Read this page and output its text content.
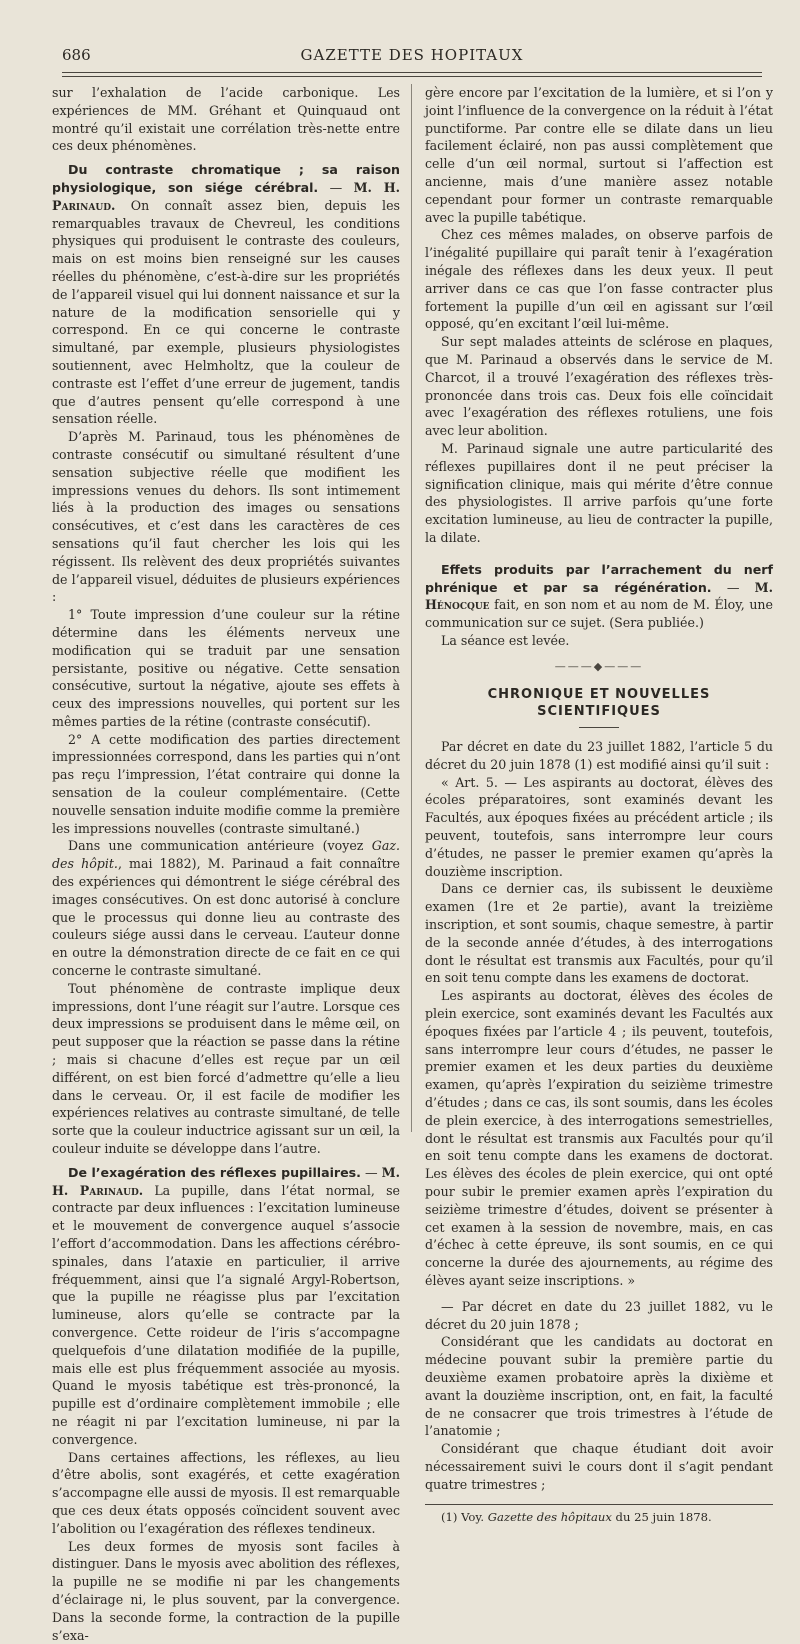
686	GAZETTE DES HOPITAUX

sur l’exhalation de l’acide carbonique. Les expériences de MM. Gréhant et Quinquaud ont montré qu’il existait une corrélation très-nette entre ces deux phénomènes.

Du contraste chromatique ; sa raison physiologique, son siége cérébral. — M. H. Parinaud. On connaît assez bien, depuis les remarquables travaux de Chevreul, les conditions physiques qui produisent le contraste des couleurs, mais on est moins bien renseigné sur les causes réelles du phénomène, c’est-à-dire sur les propriétés de l’appareil visuel qui lui donnent naissance et sur la nature de la modification sensorielle qui y correspond. En ce qui concerne le contraste simultané, par exemple, plusieurs physiologistes soutiennent, avec Helmholtz, que la couleur de contraste est l’effet d’une erreur de jugement, tandis que d’autres pensent qu’elle correspond à une sensation réelle.

D’après M. Parinaud, tous les phénomènes de contraste consécutif ou simultané résultent d’une sensation subjective réelle que modifient les impressions venues du dehors. Ils sont intimement liés à la production des images ou sensations consécutives, et c’est dans les caractères de ces sensations qu’il faut chercher les lois qui les régissent. Ils relèvent des deux propriétés suivantes de l’appareil visuel, déduites de plusieurs expériences :

1° Toute impression d’une couleur sur la rétine détermine dans les éléments nerveux une modification qui se traduit par une sensation persistante, positive ou négative. Cette sensation consécutive, surtout la négative, ajoute ses effets à ceux des impressions nouvelles, qui portent sur les mêmes parties de la rétine (contraste consécutif).

2° A cette modification des parties directement impressionnées correspond, dans les parties qui n’ont pas reçu l’impression, l’état contraire qui donne la sensation de la couleur complémentaire. (Cette nouvelle sensation induite modifie comme la première les impressions nouvelles (contraste simultané.)

Dans une communication antérieure (voyez Gaz. des hôpit., mai 1882), M. Parinaud a fait connaître des expériences qui démontrent le siége cérébral des images consécutives. On est donc autorisé à conclure que le processus qui donne lieu au contraste des couleurs siége aussi dans le cerveau. L’auteur donne en outre la démonstration directe de ce fait en ce qui concerne le contraste simultané.

Tout phénomène de contraste implique deux impressions, dont l’une réagit sur l’autre. Lorsque ces deux impressions se produisent dans le même œil, on peut supposer que la réaction se passe dans la rétine ; mais si chacune d’elles est reçue par un œil différent, on est bien forcé d’admettre qu’elle a lieu dans le cerveau. Or, il est facile de modifier les expériences relatives au contraste simultané, de telle sorte que la couleur inductrice agissant sur un œil, la couleur induite se développe dans l’autre.

De l’exagération des réflexes pupillaires. — M. H. Parinaud. La pupille, dans l’état normal, se contracte par deux influences : l’excitation lumineuse et le mouvement de convergence auquel s’associe l’effort d’accommodation. Dans les affections cérébro-spinales, dans l’ataxie en particulier, il arrive fréquemment, ainsi que l’a signalé Argyl-Robertson, que la pupille ne réagisse plus par l’excitation lumineuse, alors qu’elle se contracte par la convergence. Cette roideur de l’iris s’accompagne quelquefois d’une dilatation modifiée de la pupille, mais elle est plus fréquemment associée au myosis. Quand le myosis tabétique est très-prononcé, la pupille est d’ordinaire complètement immobile ; elle ne réagit ni par l’excitation lumineuse, ni par la convergence.

Dans certaines affections, les réflexes, au lieu d’être abolis, sont exagérés, et cette exagération s’accompagne elle aussi de myosis. Il est remarquable que ces deux états opposés coïncident souvent avec l’abolition ou l’exagération des réflexes tendineux.

Les deux formes de myosis sont faciles à distinguer. Dans le myosis avec abolition des réflexes, la pupille ne se modifie ni par les changements d’éclairage ni, le plus souvent, par la convergence. Dans la seconde forme, la contraction de la pupille s’exa-

gère encore par l’excitation de la lumière, et si l’on y joint l’influence de la convergence on la réduit à l’état punctiforme. Par contre elle se dilate dans un lieu facilement éclairé, non pas aussi complètement que celle d’un œil normal, surtout si l’affection est ancienne, mais d’une manière assez notable cependant pour former un contraste remarquable avec la pupille tabétique.

Chez ces mêmes malades, on observe parfois de l’inégalité pupillaire qui paraît tenir à l’exagération inégale des réflexes dans les deux yeux. Il peut arriver dans ce cas que l’on fasse contracter plus fortement la pupille d’un œil en agissant sur l’œil opposé, qu’en excitant l’œil lui-même.

Sur sept malades atteints de sclérose en plaques, que M. Parinaud a observés dans le service de M. Charcot, il a trouvé l’exagération des réflexes très-prononcée dans trois cas. Deux fois elle coïncidait avec l’exagération des réflexes rotuliens, une fois avec leur abolition.

M. Parinaud signale une autre particularité des réflexes pupillaires dont il ne peut préciser la signification clinique, mais qui mérite d’être connue des physiologistes. Il arrive parfois qu’une forte excitation lumineuse, au lieu de contracter la pupille, la dilate.

Effets produits par l’arrachement du nerf phrénique et par sa régénération. — M. Hénocque fait, en son nom et au nom de M. Éloy, une communication sur ce sujet. (Sera publiée.)

La séance est levée.

———◆———
CHRONIQUE ET NOUVELLES SCIENTIFIQUES

Par décret en date du 23 juillet 1882, l’article 5 du décret du 20 juin 1878 (1) est modifié ainsi qu’il suit :

« Art. 5. — Les aspirants au doctorat, élèves des écoles préparatoires, sont examinés devant les Facultés, aux époques fixées au précédent article ; ils peuvent, toutefois, sans interrompre leur cours d’études, ne passer le premier examen qu’après la douzième inscription.

Dans ce dernier cas, ils subissent le deuxième examen (1re et 2e partie), avant la treizième inscription, et sont soumis, chaque semestre, à partir de la seconde année d’études, à des interrogations dont le résultat est transmis aux Facultés, pour qu’il en soit tenu compte dans les examens de doctorat.

Les aspirants au doctorat, élèves des écoles de plein exercice, sont examinés devant les Facultés aux époques fixées par l’article 4 ; ils peuvent, toutefois, sans interrompre leur cours d’études, ne passer le premier examen et les deux parties du deuxième examen, qu’après l’expiration du seizième trimestre d’études ; dans ce cas, ils sont soumis, dans les écoles de plein exercice, à des interrogations semestrielles, dont le résultat est transmis aux Facultés pour qu’il en soit tenu compte dans les examens de doctorat. Les élèves des écoles de plein exercice, qui ont opté pour subir le premier examen après l’expiration du seizième trimestre d’études, doivent se présenter à cet examen à la session de novembre, mais, en cas d’échec à cette épreuve, ils sont soumis, en ce qui concerne la durée des ajournements, au régime des élèves ayant seize inscriptions. »

— Par décret en date du 23 juillet 1882, vu le décret du 20 juin 1878 ;

Considérant que les candidats au doctorat en médecine pouvant subir la première partie du deuxième examen probatoire après la dixième et avant la douzième inscription, ont, en fait, la faculté de ne consacrer que trois trimestres à l’étude de l’anatomie ;

Considérant que chaque étudiant doit avoir nécessairement suivi le cours dont il s’agit pendant quatre trimestres ;

(1) Voy. Gazette des hôpitaux du 25 juin 1878.
